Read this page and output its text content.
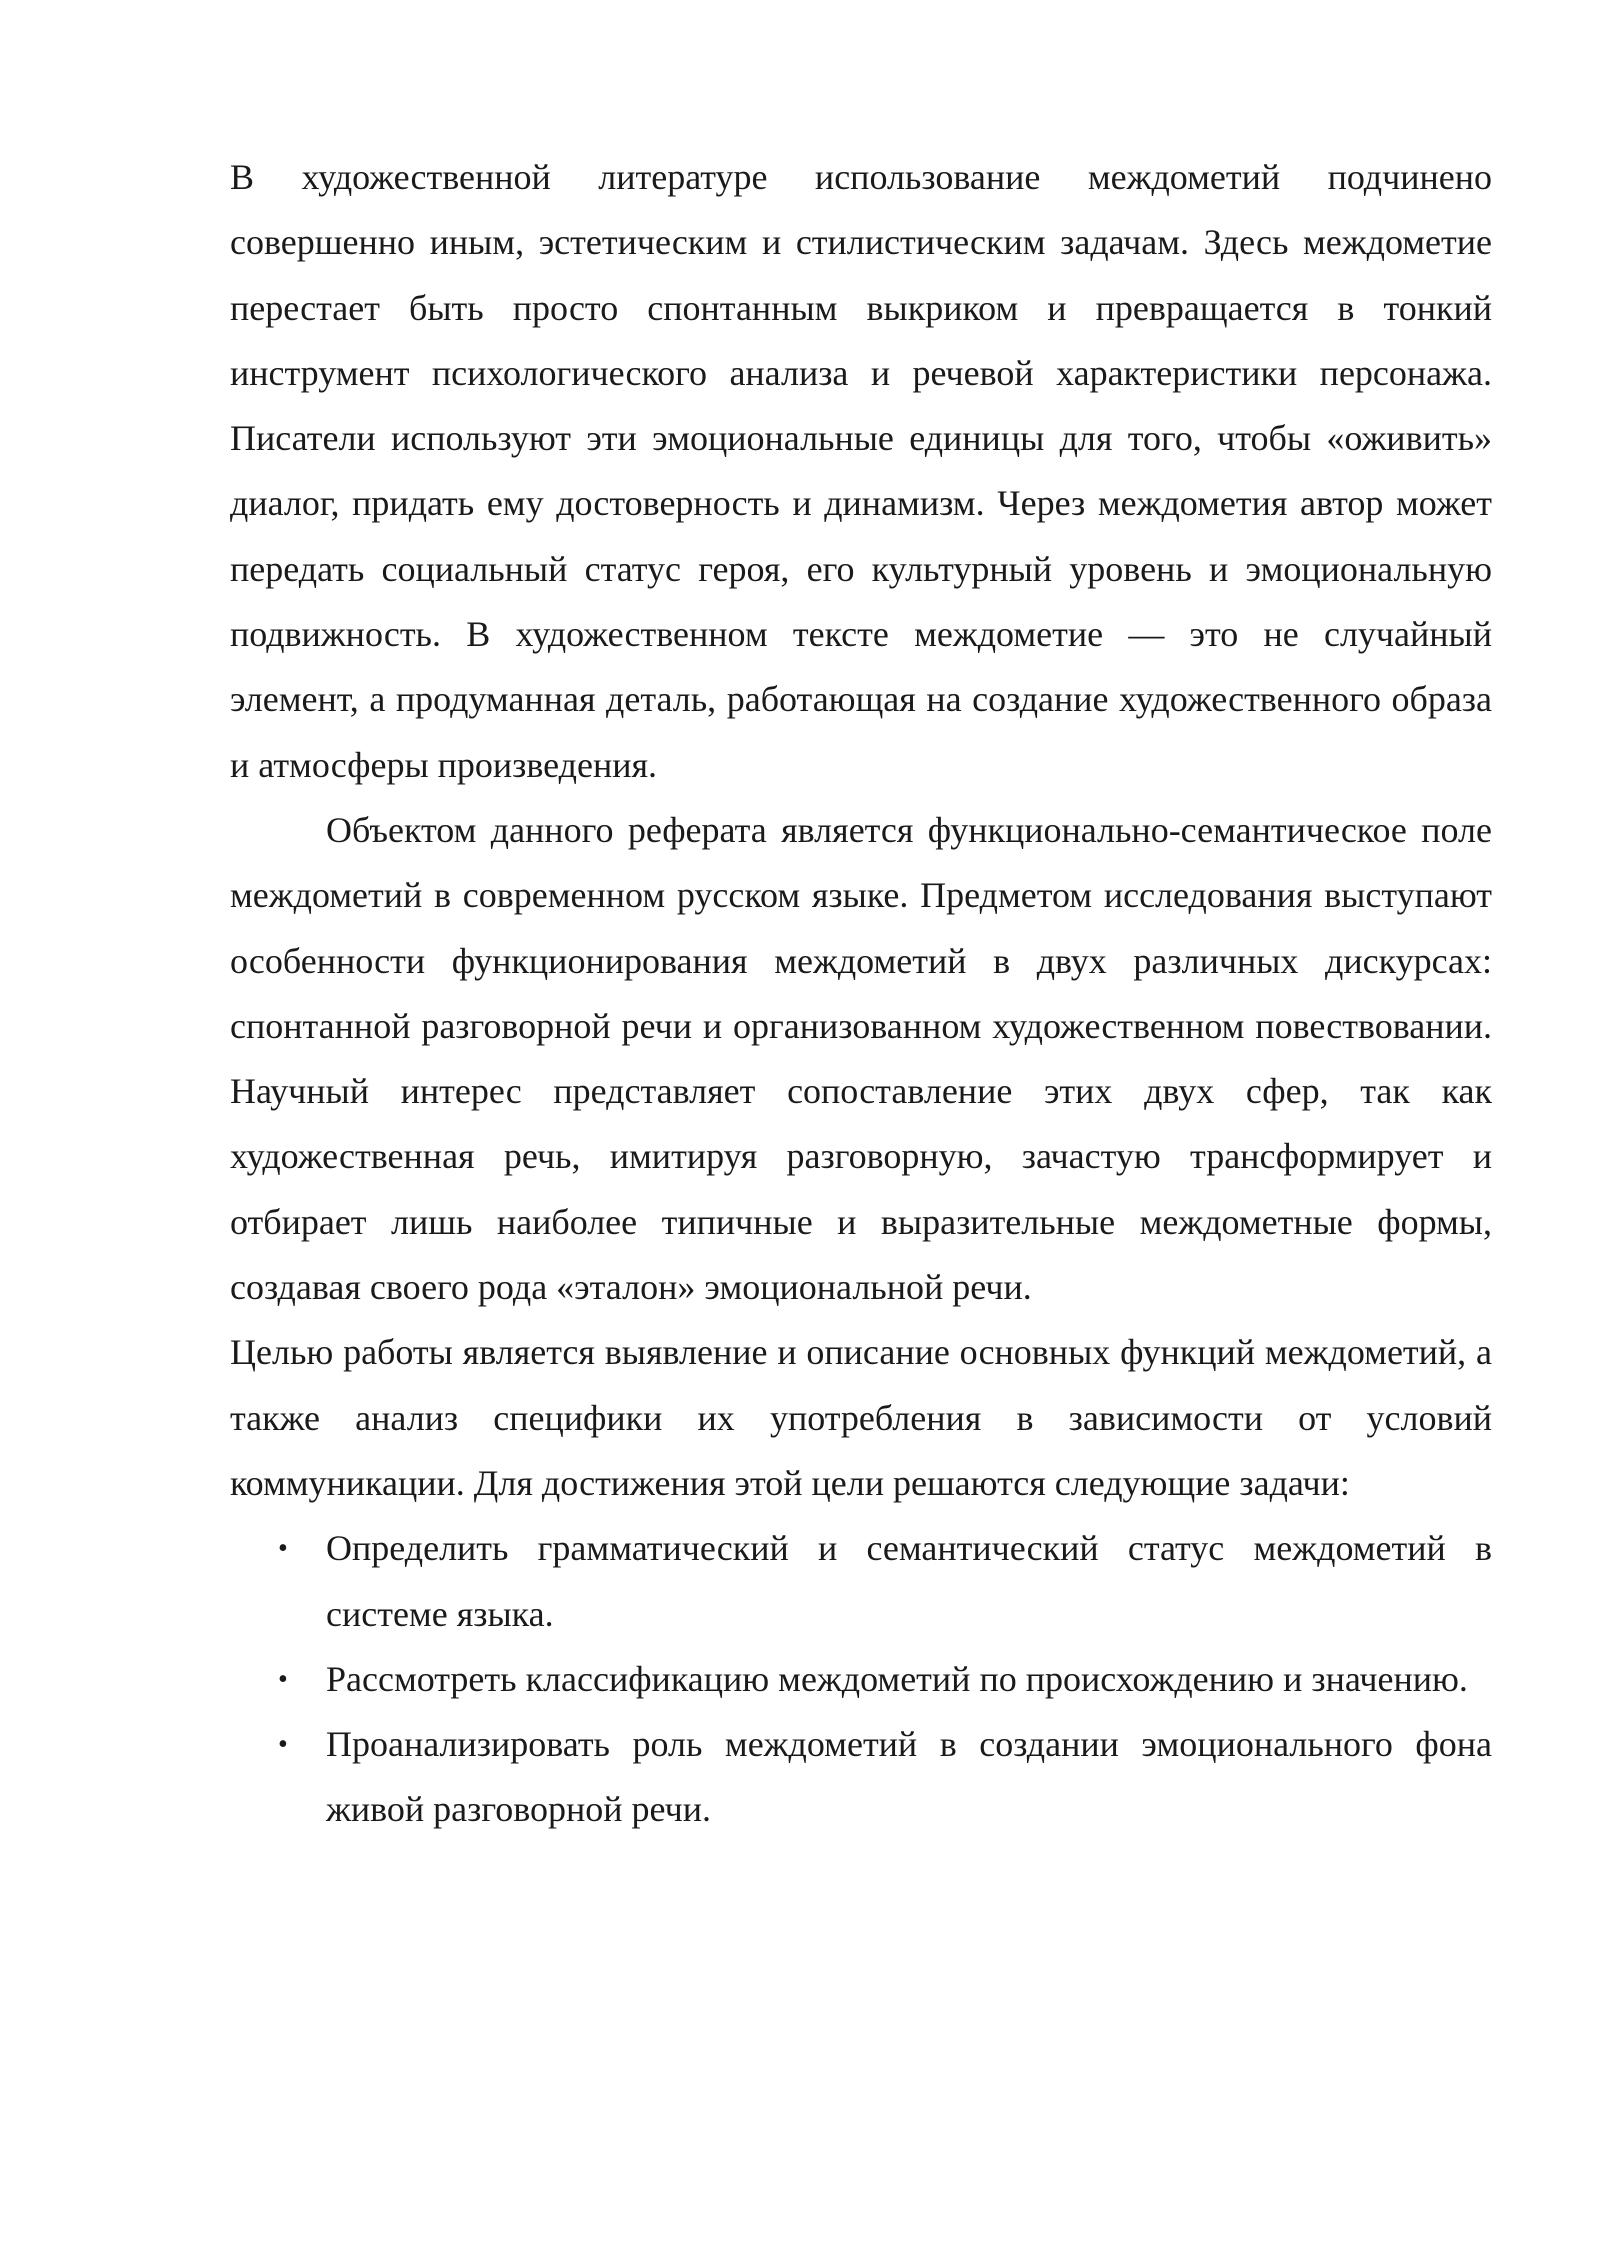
В художественной литературе использование междометий подчинено совершенно иным, эстетическим и стилистическим задачам. Здесь междометие перестает быть просто спонтанным выкриком и превращается в тонкий инструмент психологического анализа и речевой характеристики персонажа. Писатели используют эти эмоциональные единицы для того, чтобы «оживить» диалог, придать ему достоверность и динамизм. Через междометия автор может передать социальный статус героя, его культурный уровень и эмоциональную подвижность. В художественном тексте междометие — это не случайный элемент, а продуманная деталь, работающая на создание художественного образа и атмосферы произведения.

Объектом данного реферата является функционально-семантическое поле междометий в современном русском языке. Предметом исследования выступают особенности функционирования междометий в двух различных дискурсах: спонтанной разговорной речи и организованном художественном повествовании. Научный интерес представляет сопоставление этих двух сфер, так как художественная речь, имитируя разговорную, зачастую трансформирует и отбирает лишь наиболее типичные и выразительные междометные формы, создавая своего рода «эталон» эмоциональной речи.

Целью работы является выявление и описание основных функций междометий, а также анализ специфики их употребления в зависимости от условий коммуникации. Для достижения этой цели решаются следующие задачи:

• Определить грамматический и семантический статус междометий в системе языка.
• Рассмотреть классификацию междометий по происхождению и значению.
• Проанализировать роль междометий в создании эмоционального фона живой разговорной речи.
